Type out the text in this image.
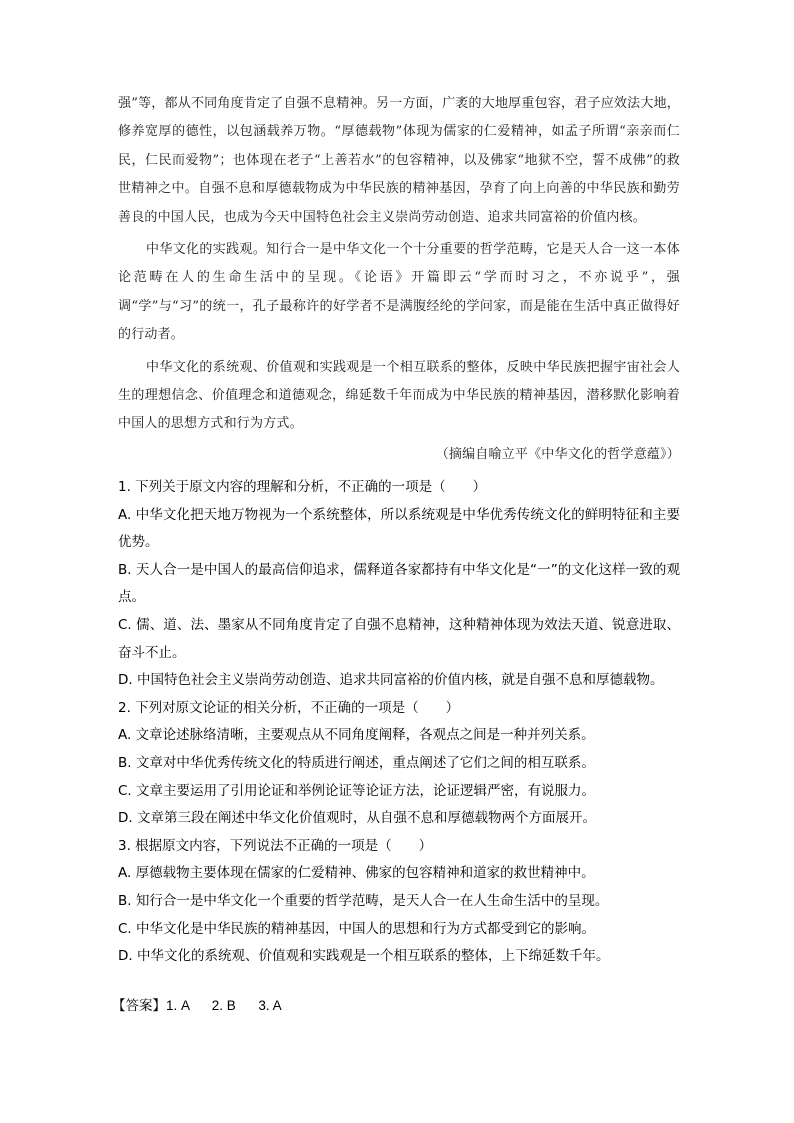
强”等，都从不同角度肯定了自强不息精神。另一方面，广袤的大地厚重包容，君子应效法大地，修养宽厚的德性，以包涵载养万物。“厚德载物”体现为儒家的仁爱精神，如孟子所谓“亲亲而仁民，仁民而爱物”；也体现在老子“上善若水”的包容精神，以及佛家“地狱不空，誓不成佛”的救世精神之中。自强不息和厚德载物成为中华民族的精神基因，孕育了向上向善的中华民族和勤劳善良的中国人民，也成为今天中国特色社会主义崇尚劳动创造、追求共同富裕的价值内核。

中华文化的实践观。知行合一是中华文化一个十分重要的哲学范畴，它是天人合一这一本体论范畴在人的生命生活中的呈现。《论语》开篇即云“学而时习之，不亦说乎”，强调“学”与“习”的统一，孔子最称许的好学者不是满腹经纶的学问家，而是能在生活中真正做得好的行动者。

中华文化的系统观、价值观和实践观是一个相互联系的整体，反映中华民族把握宇宙社会人生的理想信念、价值理念和道德观念，绵延数千年而成为中华民族的精神基因，潜移默化影响着中国人的思想方式和行为方式。

（摘编自喻立平《中华文化的哲学意蕴》）

1. 下列关于原文内容的理解和分析，不正确的一项是（　　）

A. 中华文化把天地万物视为一个系统整体，所以系统观是中华优秀传统文化的鲜明特征和主要优势。

B. 天人合一是中国人的最高信仰追求，儒释道各家都持有中华文化是“一”的文化这样一致的观点。

C. 儒、道、法、墨家从不同角度肯定了自强不息精神，这种精神体现为效法天道、锐意进取、奋斗不止。

D. 中国特色社会主义崇尚劳动创造、追求共同富裕的价值内核，就是自强不息和厚德载物。

2. 下列对原文论证的相关分析，不正确的一项是（　　）

A. 文章论述脉络清晰，主要观点从不同角度阐释，各观点之间是一种并列关系。

B. 文章对中华优秀传统文化的特质进行阐述，重点阐述了它们之间的相互联系。

C. 文章主要运用了引用论证和举例论证等论证方法，论证逻辑严密，有说服力。

D. 文章第三段在阐述中华文化价值观时，从自强不息和厚德载物两个方面展开。

3. 根据原文内容，下列说法不正确的一项是（　　）

A. 厚德载物主要体现在儒家的仁爱精神、佛家的包容精神和道家的救世精神中。

B. 知行合一是中华文化一个重要的哲学范畴，是天人合一在人生命生活中的呈现。

C. 中华文化是中华民族的精神基因，中国人的思想和行为方式都受到它的影响。

D. 中华文化的系统观、价值观和实践观是一个相互联系的整体，上下绵延数千年。

【答案】1. A 2. B 3. A
